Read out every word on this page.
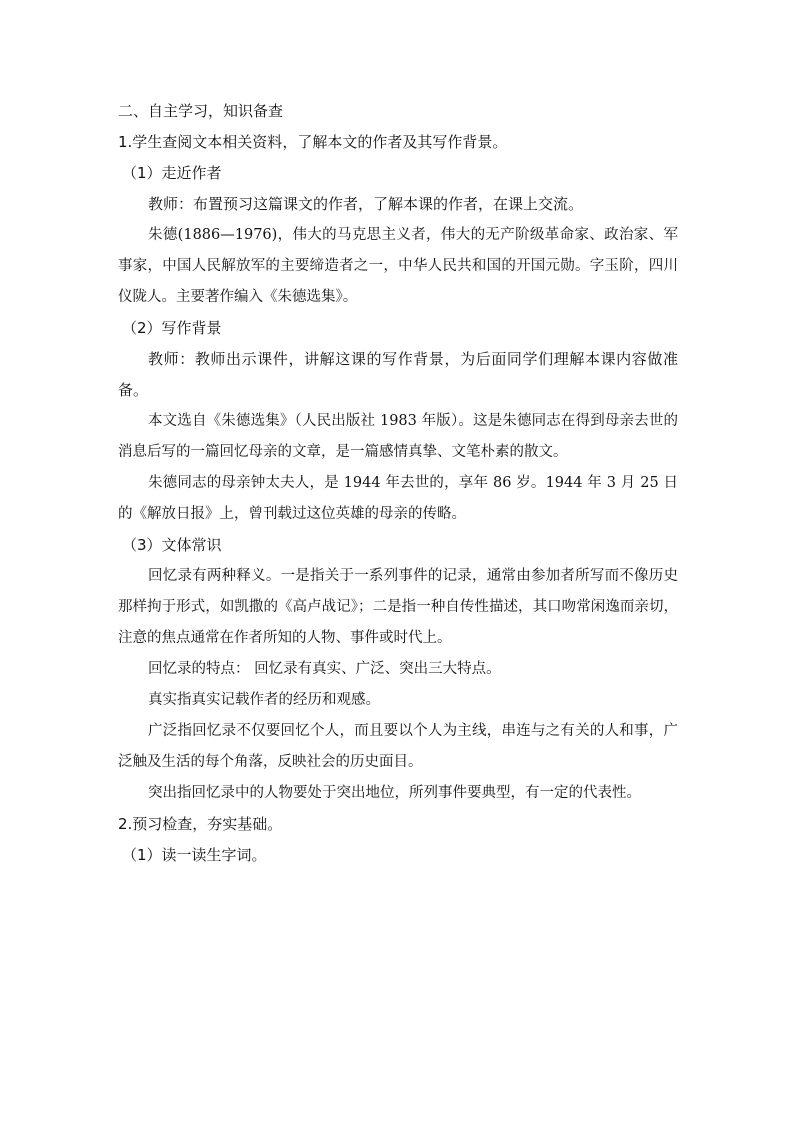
二、自主学习，知识备查
1.学生查阅文本相关资料，了解本文的作者及其写作背景。
（1）走近作者
教师：布置预习这篇课文的作者，了解本课的作者，在课上交流。
朱德(1886—1976)，伟大的马克思主义者，伟大的无产阶级革命家、政治家、军事家，中国人民解放军的主要缔造者之一，中华人民共和国的开国元勋。字玉阶，四川仪陇人。主要著作编入《朱德选集》。
（2）写作背景
教师：教师出示课件，讲解这课的写作背景，为后面同学们理解本课内容做准备。
本文选自《朱德选集》（人民出版社 1983 年版）。这是朱德同志在得到母亲去世的消息后写的一篇回忆母亲的文章，是一篇感情真挚、文笔朴素的散文。
朱德同志的母亲钟太夫人，是 1944 年去世的，享年 86 岁。1944 年 3 月 25 日的《解放日报》上，曾刊载过这位英雄的母亲的传略。
（3）文体常识
回忆录有两种释义。一是指关于一系列事件的记录，通常由参加者所写而不像历史那样拘于形式，如凯撒的《高卢战记》；二是指一种自传性描述，其口吻常闲逸而亲切，注意的焦点通常在作者所知的人物、事件或时代上。
回忆录的特点： 回忆录有真实、广泛、突出三大特点。
真实指真实记载作者的经历和观感。
广泛指回忆录不仅要回忆个人，而且要以个人为主线，串连与之有关的人和事，广泛触及生活的每个角落，反映社会的历史面目。
突出指回忆录中的人物要处于突出地位，所列事件要典型，有一定的代表性。
2.预习检查，夯实基础。
（1）读一读生字词。
